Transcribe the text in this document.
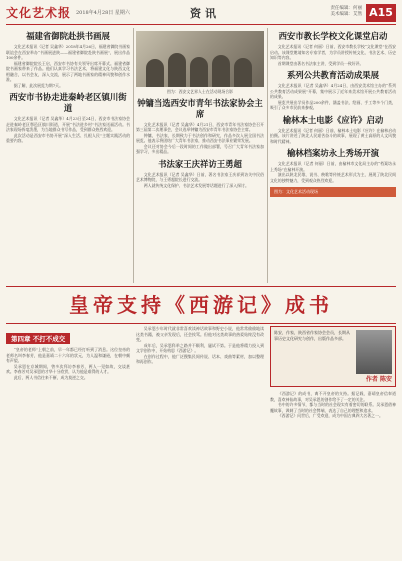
文化艺术报 2018年4月28日 星期六	资讯	责任编辑：何丽
美术编辑：艾然 A15
福建省御院赴拱书画展

文化艺术报讯（记者 吴鑫华）2018年4月26日，福建省御院书画家联谊会在西安举办“书画展进陕——福建省御院赴陕书画展”，展出作品100余件。

福建省御院院长王启，西安市书协有关领导出席开幕式。福建省御院书画家带来了作品。他们认真学习书法艺术，将福建文化与陕西文化相融合，以书会友，深入交流，展示了两地书画家的精神风貌和创作水准。

据了解，此次展览为期7天。

西安市书协走进秦岭老区镇川街道

文化艺术报讯（记者 吴鑫华）4月23日至24日，西安市书法家协会走进秦岭老区鄠邑区镇川街道，开展“书法进乡村”书法家送福活动。书法家现场挥毫泼墨，为当地群众书写作品，受到群众热烈欢迎。

此次活动是西安市书协开展“深入生活、扎根人民”主题实践活动的重要内容。

图为：西安文艺界人士在活动现场合影
钟镛当选西安市青年书法家协会主席

文化艺术报讯（记者 吴鑫华）4月21日，西安市青年书法家协会召开第三届第二次理事会，会议选举钟镛为西安市青年书法家协会主席。

钟镛，书法家，长期致力于书法创作和研究，作品多次入展全国书法展览。他表示将团结广大青年书法家，推动西安书法事业繁荣发展。

会议还对协会今后一段时间的工作做出部署，号召广大青年书法家加强学习，多出精品。

书法家王庆祥访王勇超

文化艺术报讯（记者 吴鑫华）日前，著名书法家王庆祥到访关中民俗艺术博物院，与王勇超院长进行交流。

两人就传统文化保护、书法艺术发展等话题进行了深入探讨。

西安市教长学校文化课堂启动

文化艺术报讯（记者 何丽）日前，西安市教长学校“文化课堂”在西安启动。该课堂邀请知名专家学者，为学员讲授传统文化、书法艺术、历史知识等内容。

首期课堂由著名书法家主讲，受到学员一致好评。

系列公共教育活动成果展

文化艺术报讯（记者 吴鑫华）4月24日，由西安美术馆主办的“系列公共教育活动成果展”开幕，集中展示了近年来美术馆开展公共教育活动的成果。

展览共展出学员作品200余件，涵盖书法、绘画、手工等多个门类，吸引了众多市民前来参观。

榆林本土电影《应许》启动

文化艺术报讯（记者 何丽）日前，榆林本土电影《应许》在榆林启动拍摄。该片讲述了陕北人民艰苦奋斗的故事，展现了黄土高原的人文风貌和时代精神。

榆林档案坊永上秀场开演

文化艺术报讯（记者 何丽）日前，由榆林市文化局主办的“档案坊永上秀场”在榆林开演。

演出以陕北民歌、说书、秧歌等传统艺术形式为主，展现了陕北民间文化的独特魅力，受到观众热烈欢迎。

图为：文化艺术活动现场
皇帝支持《西游记》成书
第四章 不打不成交

“皇帝的老师”上朝之前，早一年都已经打听到了消息。这位皇帝的老师名叫李春芳，他是嘉靖二十六年的状元，为人温和谦逊，在朝中颇有声望。

吴承恩在京城期间，曾多次拜访李春芳，两人一见如故，交谈甚欢。李春芳对吴承恩的才华十分欣赏，认为他是难得的人才。

此后，两人书信往来不断，成为莫逆之交。

吴承恩少年时代就非常喜欢读神话故事和野史小说，他常常偷偷地读这类书籍，被父亲发现后，还会挨骂。但他对这类故事的热爱始终没有改变。

成年后，吴承恩科举之路并不顺利，屡试不第。于是他将精力投入到文学创作中，开始构思《西游记》。

在创作过程中，他广泛搜集民间传说、话本、戏曲等素材，加以整理和再创作。

陈安，作家，陕西省作家协会会员，长期从事历史文化研究与创作，出版作品多部。
作者 陈安

《西游记》的成书，离不开皇帝的支持。据记载，嘉靖皇帝信奉道教，喜欢神仙故事，对吴承恩的创作给予了一定的关注。

书中的许多情节，都与当时的社会现实有着密切的联系。吴承恩借神魔故事，讽刺了当时的社会弊端，表达了自己的理想和追求。

《西游记》问世后，广受欢迎，成为中国古典四大名著之一。
